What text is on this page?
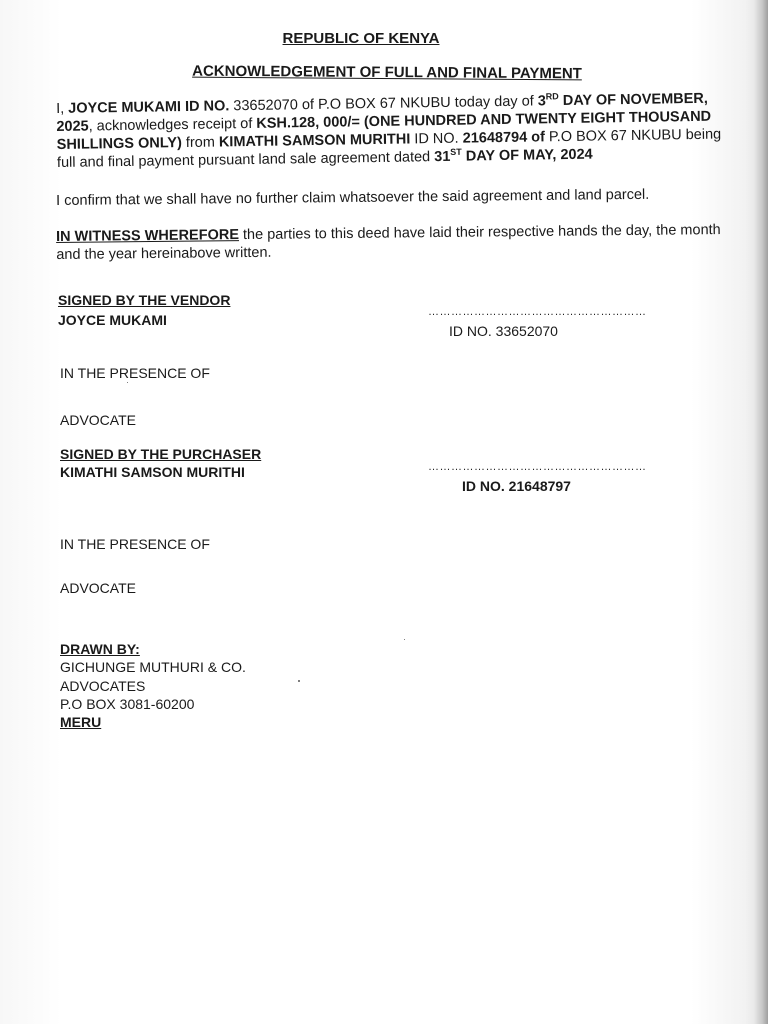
REPUBLIC OF KENYA
ACKNOWLEDGEMENT OF FULL AND FINAL PAYMENT
I, JOYCE MUKAMI ID NO. 33652070 of P.O BOX 67 NKUBU today day of 3RD DAY OF NOVEMBER, 2025, acknowledges receipt of KSH.128, 000/= (ONE HUNDRED AND TWENTY EIGHT THOUSAND SHILLINGS ONLY) from KIMATHI SAMSON MURITHI ID NO. 21648794 of P.O BOX 67 NKUBU being full and final payment pursuant land sale agreement dated 31ST DAY OF MAY, 2024
I confirm that we shall have no further claim whatsoever the said agreement and land parcel.
IN WITNESS WHEREFORE the parties to this deed have laid their respective hands the day, the month and the year hereinabove written.
SIGNED BY THE VENDOR
JOYCE MUKAMI	…………………………………………………
ID NO. 33652070
IN THE PRESENCE OF
ADVOCATE
SIGNED BY THE PURCHASER
KIMATHI SAMSON MURITHI	…………………………………………………
ID NO. 21648797
IN THE PRESENCE OF
ADVOCATE
DRAWN BY:
GICHUNGE MUTHURI & CO.
ADVOCATES
P.O BOX 3081-60200
MERU
